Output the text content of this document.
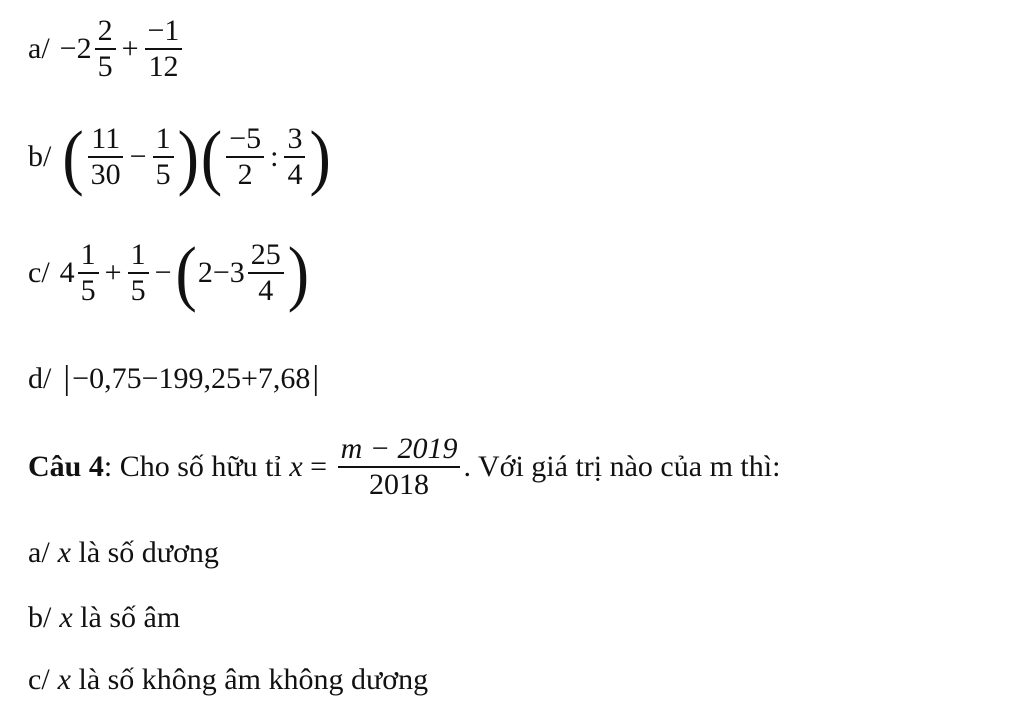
$a/ -2 \frac{2}{5} + \frac{-1}{12}$
b/ ( $\frac{11}{30} - \frac{1}{5}$ ) ( $\frac{-5}{2}$ : $\frac{3}{4}$ )
c/ $4 \frac{1}{5} + \frac{1}{5}$ − ( $2-3 \frac{25}{4}$ )
d/ | −0,75−199,25+7,68 |
Câu 4 : Cho số hữu tỉ $x = \frac{m - 2019}{2018}$ . Với giá trị nào của m thì:
a/ x là số dương
b/ x là số âm
c/ x là số không âm không dương
